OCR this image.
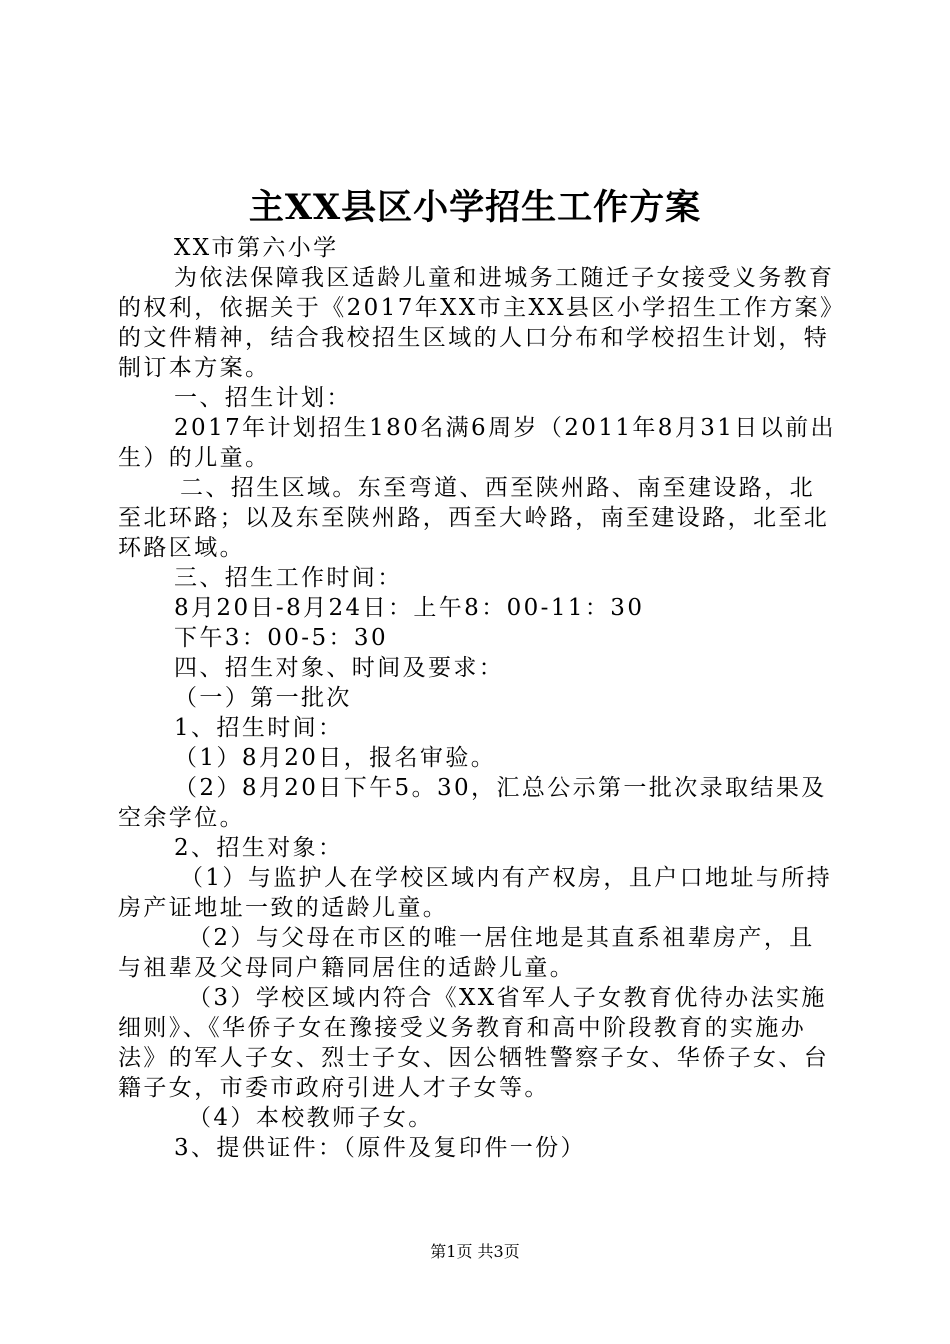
主XX县区小学招生工作方案

XX市第六小学

为依法保障我区适龄儿童和进城务工随迁子女接受义务教育的权利，依据关于《2017年XX市主XX县区小学招生工作方案》的文件精神，结合我校招生区域的人口分布和学校招生计划，特制订本方案。

一、招生计划：

2017年计划招生180名满6周岁（2011年8月31日以前出生）的儿童。

二、招生区域。东至弯道、西至陕州路、南至建设路，北至北环路；以及东至陕州路，西至大岭路，南至建设路，北至北环路区域。

三、招生工作时间：

8月20日-8月24日：上午8：00-11：30

下午3：00-5：30

四、招生对象、时间及要求：

（一）第一批次

1、招生时间：

（1）8月20日，报名审验。

（2）8月20日下午5。30，汇总公示第一批次录取结果及空余学位。

2、招生对象：

（1）与监护人在学校区域内有产权房，且户口地址与所持房产证地址一致的适龄儿童。

（2）与父母在市区的唯一居住地是其直系祖辈房产，且与祖辈及父母同户籍同居住的适龄儿童。

（3）学校区域内符合《XX省军人子女教育优待办法实施细则》、《华侨子女在豫接受义务教育和高中阶段教育的实施办法》的军人子女、烈士子女、因公牺牲警察子女、华侨子女、台籍子女，市委市政府引进人才子女等。

（4）本校教师子女。

3、提供证件：（原件及复印件一份）

第1页 共3页
